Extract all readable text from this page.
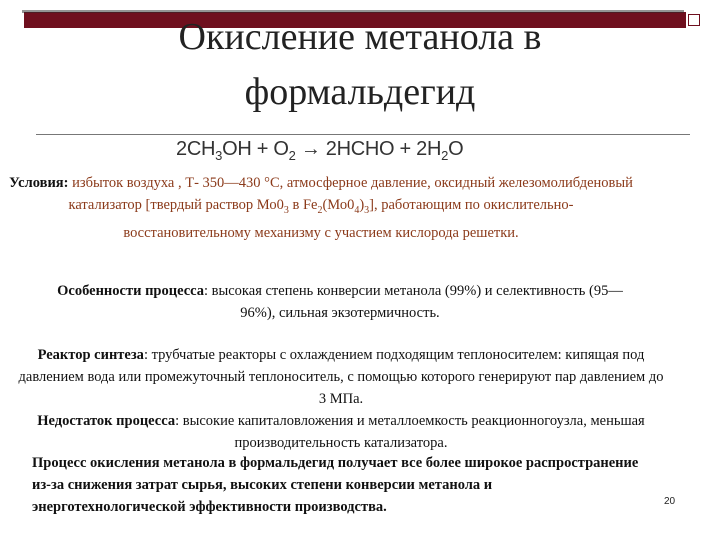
Окисление метанола в
формальдегид
$2CH_3OH + O_2$ → 2HCHO + $2H_2O$
Условия: избыток воздуха , Т- 350—430 °С, атмосферное давление, оксидный железомолибденовый катализатор [твердый раствор $Мо0_3$ в $Fe_2(Мо0_4)_3$], работающим по окислительно-восстановительному механизму с участием кислорода решетки.
Особенности процесса: высокая степень конверсии метанола (99%) и селективность (95—96%), сильная экзотермичность.
Реактор синтеза: трубчатые реакторы с охлаждением подходящим теплоносителем: кипящая под давлением вода или промежуточный теплоноситель, с помощью которого генерируют пар давлением до 3 МПа.
Недостаток процесса: высокие капиталовложения и металлоемкость реакционногоузла, меньшая производительность катализатора.
Процесс окисления метанола в формальдегид получает все более широкое распространение из-за снижения затрат сырья, высоких степени конверсии метанола и энерготехнологической эффективности производства.	20
